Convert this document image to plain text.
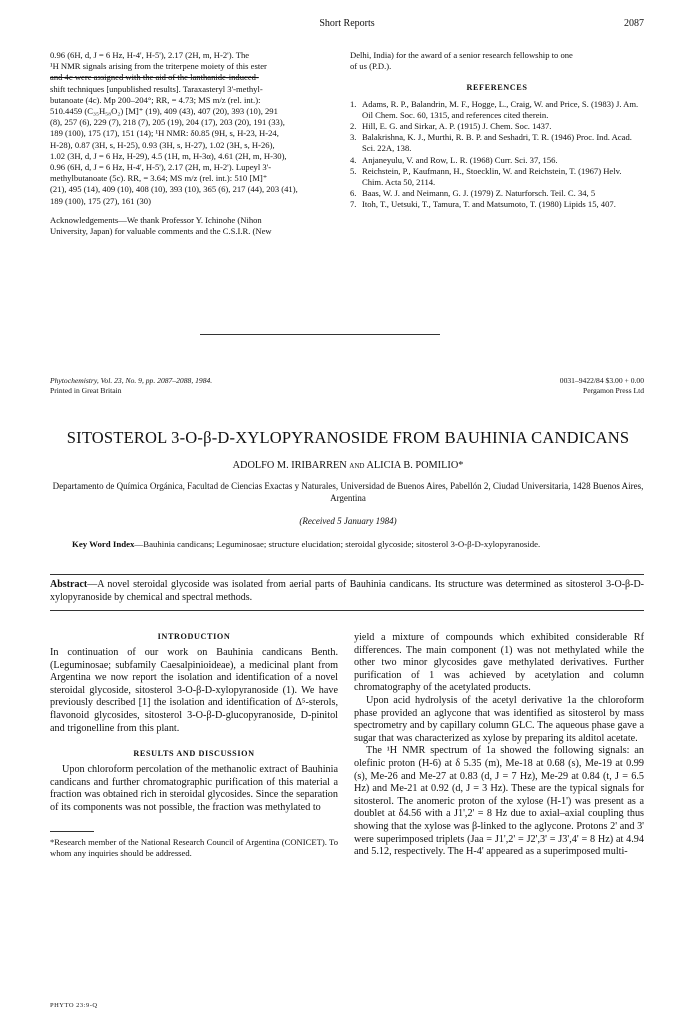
Short Reports	2087
0.96 (6H, d, J = 6 Hz, H-4', H-5'), 2.17 (2H, m, H-2'). The
¹H NMR signals arising from the triterpene moiety of this ester
and 4c were assigned with the aid of the lanthanide-induced-
shift techniques [unpublished results]. Taraxasteryl 3'-methyl-
butanoate (4c). Mp 200–204°; RR, = 4.73; MS m/z (rel. int.):
510.4459 (C₃₅H₅₈O₂) [M]⁺ (19), 409 (43), 407 (20), 393 (10), 291
(8), 257 (6), 229 (7), 218 (7), 205 (19), 204 (17), 203 (20), 191 (33),
189 (100), 175 (17), 151 (14); ¹H NMR: δ0.85 (9H, s, H-23, H-24,
H-28), 0.87 (3H, s, H-25), 0.93 (3H, s, H-27), 1.02 (3H, s, H-26),
1.02 (3H, d, J = 6 Hz, H-29), 4.5 (1H, m, H-3α), 4.61 (2H, m, H-30),
0.96 (6H, d, J = 6 Hz, H-4', H-5'), 2.17 (2H, m, H-2'). Lupeyl 3'-
methylbutanoate (5c). RR, = 3.64; MS m/z (rel. int.): 510 [M]⁺
(21), 495 (14), 409 (10), 408 (10), 393 (10), 365 (6), 217 (44), 203 (41),
189 (100), 175 (27), 161 (30)
Acknowledgements—We thank Professor Y. Ichinohe (Nihon
University, Japan) for valuable comments and the C.S.I.R. (New
Delhi, India) for the award of a senior research fellowship to one
of us (P.D.).
REFERENCES
1. Adams, R. P., Balandrin, M. F., Hogge, L., Craig, W. and Price, S. (1983) J. Am. Oil Chem. Soc. 60, 1315, and references cited therein.
2. Hill, E. G. and Sirkar, A. P. (1915) J. Chem. Soc. 1437.
3. Balakrishna, K. J., Murthi, R. B. P. and Seshadri, T. R. (1946) Proc. Ind. Acad. Sci. 22A, 138.
4. Anjaneyulu, V. and Row, L. R. (1968) Curr. Sci. 37, 156.
5. Reichstein, P., Kaufmann, H., Stoecklin, W. and Reichstein, T. (1967) Helv. Chim. Acta 50, 2114.
6. Baas, W. J. and Neimann, G. J. (1979) Z. Naturforsch. Teil. C. 34, 5
7. Itoh, T., Uetsuki, T., Tamura, T. and Matsumoto, T. (1980) Lipids 15, 407.
Phytochemistry, Vol. 23, No. 9, pp. 2087–2088, 1984.
Printed in Great Britain
0031–9422/84 $3.00 + 0.00
Pergamon Press Ltd
SITOSTEROL 3-O-β-D-XYLOPYRANOSIDE FROM BAUHINIA CANDICANS
ADOLFO M. IRIBARREN and ALICIA B. POMILIO*
Departamento de Química Orgánica, Facultad de Ciencias Exactas y Naturales, Universidad de Buenos Aires, Pabellón 2, Ciudad Universitaria, 1428 Buenos Aires, Argentina
(Received 5 January 1984)
Key Word Index—Bauhinia candicans; Leguminosae; structure elucidation; steroidal glycoside; sitosterol 3-O-β-D-xylopyranoside.
Abstract—A novel steroidal glycoside was isolated from aerial parts of Bauhinia candicans. Its structure was determined as sitosterol 3-O-β-D-xylopyranoside by chemical and spectral methods.
INTRODUCTION

In continuation of our work on Bauhinia candicans Benth. (Leguminosae; subfamily Caesalpinioideae), a medicinal plant from Argentina we now report the isolation and identification of a novel steroidal glycoside, sitosterol 3-O-β-D-xylopyranoside (1). We have previously described [1] the isolation and identification of Δ⁵-sterols, flavonoid glycosides, sitosterol 3-O-β-D-glucopyranoside, D-pinitol and trigonelline from this plant.

RESULTS AND DISCUSSION

Upon chloroform percolation of the methanolic extract of Bauhinia candicans and further chromatographic purification of this material a fraction was obtained rich in steroidal glycosides. Since the separation of its components was not possible, the fraction was methylated to

*Research member of the National Research Council of Argentina (CONICET). To whom any inquiries should be addressed.

yield a mixture of compounds which exhibited considerable Rf differences. The main component (1) was not methylated while the other two minor glycosides gave methylated derivatives. Further purification of 1 was achieved by acetylation and column chromatography of the acetylated products.

Upon acid hydrolysis of the acetyl derivative 1a the chloroform phase provided an aglycone that was identified as sitosterol by mass spectrometry and by capillary column GLC. The aqueous phase gave a sugar that was characterized as xylose by preparing its alditol acetate.

The ¹H NMR spectrum of 1a showed the following signals: an olefinic proton (H-6) at δ 5.35 (m), Me-18 at 0.68 (s), Me-19 at 0.99 (s), Me-26 and Me-27 at 0.83 (d, J = 7 Hz), Me-29 at 0.84 (t, J = 6.5 Hz) and Me-21 at 0.92 (d, J = 3 Hz). These are the typical signals for sitosterol. The anomeric proton of the xylose (H-1') was present as a doublet at δ4.56 with a J1',2' = 8 Hz due to axial–axial coupling thus showing that the xylose was β-linked to the aglycone. Protons 2' and 3' were superimposed triplets (Jaa = J1',2' = J2',3' = J3',4' = 8 Hz) at 4.94 and 5.12, respectively. The H-4' appeared as a superimposed multi-

PHYTO 23:9-Q
